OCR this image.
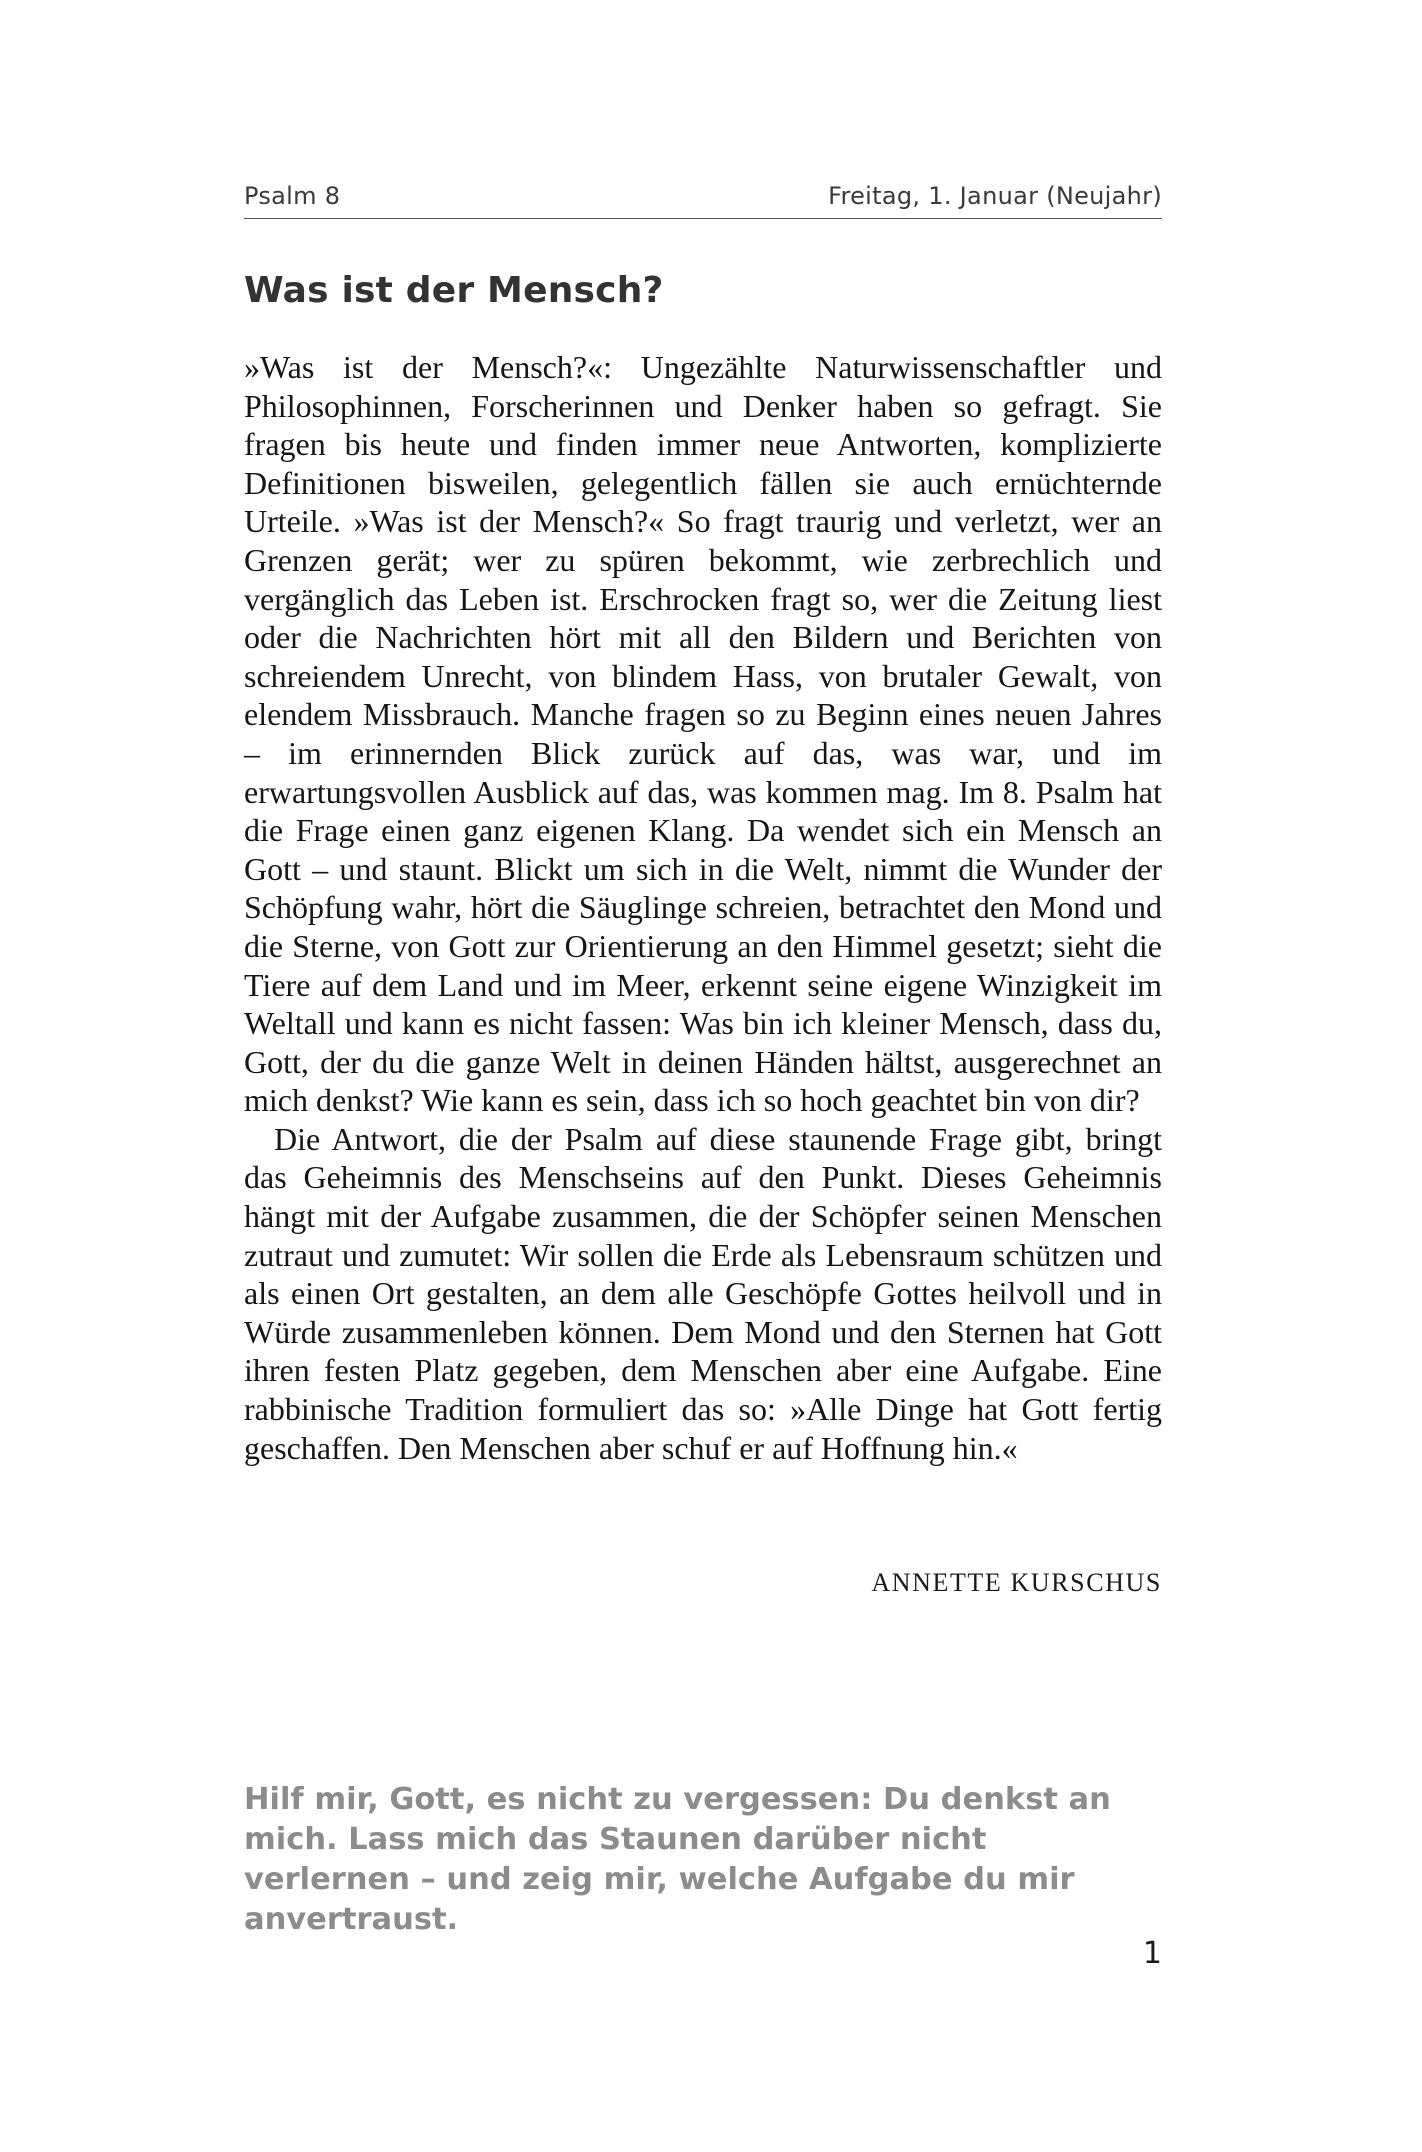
Psalm 8	Freitag, 1. Januar (Neujahr)
Was ist der Mensch?

»Was ist der Mensch?«: Ungezählte Naturwissenschaftler und Philosophinnen, Forscherinnen und Denker haben so gefragt. Sie fragen bis heute und finden immer neue Antworten, komplizierte Definitionen bisweilen, gelegentlich fällen sie auch ernüchternde Urteile. »Was ist der Mensch?« So fragt traurig und verletzt, wer an Grenzen gerät; wer zu spüren bekommt, wie zerbrechlich und vergänglich das Leben ist. Erschrocken fragt so, wer die Zeitung liest oder die Nachrichten hört mit all den Bildern und Berichten von schreiendem Unrecht, von blindem Hass, von brutaler Gewalt, von elendem Missbrauch. Manche fragen so zu Beginn eines neuen Jahres – im erinnernden Blick zurück auf das, was war, und im erwartungsvollen Ausblick auf das, was kommen mag. Im 8. Psalm hat die Frage einen ganz eigenen Klang. Da wendet sich ein Mensch an Gott – und staunt. Blickt um sich in die Welt, nimmt die Wunder der Schöpfung wahr, hört die Säuglinge schreien, betrachtet den Mond und die Sterne, von Gott zur Orientierung an den Himmel gesetzt; sieht die Tiere auf dem Land und im Meer, erkennt seine eigene Winzigkeit im Weltall und kann es nicht fassen: Was bin ich kleiner Mensch, dass du, Gott, der du die ganze Welt in deinen Händen hältst, ausgerechnet an mich denkst? Wie kann es sein, dass ich so hoch geachtet bin von dir?

Die Antwort, die der Psalm auf diese staunende Frage gibt, bringt das Geheimnis des Menschseins auf den Punkt. Dieses Geheimnis hängt mit der Aufgabe zusammen, die der Schöpfer seinen Menschen zutraut und zumutet: Wir sollen die Erde als Lebensraum schützen und als einen Ort gestalten, an dem alle Geschöpfe Gottes heilvoll und in Würde zusammenleben können. Dem Mond und den Sternen hat Gott ihren festen Platz gegeben, dem Menschen aber eine Aufgabe. Eine rabbinische Tradition formuliert das so: »Alle Dinge hat Gott fertig geschaffen. Den Menschen aber schuf er auf Hoffnung hin.«

ANNETTE KURSCHUS

Hilf mir, Gott, es nicht zu vergessen: Du denkst an mich. Lass mich das Staunen darüber nicht verlernen – und zeig mir, welche Aufgabe du mir anvertraust.

1
